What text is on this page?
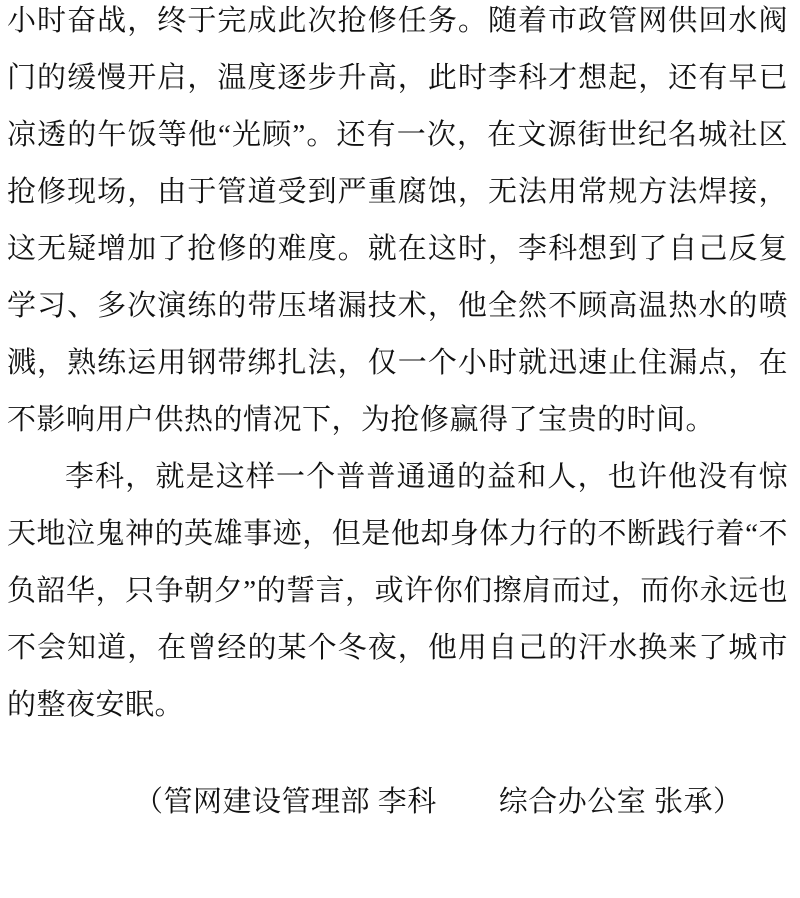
小时奋战，终于完成此次抢修任务。随着市政管网供回水阀门的缓慢开启，温度逐步升高，此时李科才想起，还有早已凉透的午饭等他“光顾”。还有一次，在文源街世纪名城社区抢修现场，由于管道受到严重腐蚀，无法用常规方法焊接，这无疑增加了抢修的难度。就在这时，李科想到了自己反复学习、多次演练的带压堵漏技术，他全然不顾高温热水的喷溅，熟练运用钢带绑扎法，仅一个小时就迅速止住漏点，在不影响用户供热的情况下，为抢修赢得了宝贵的时间。

李科，就是这样一个普普通通的益和人，也许他没有惊天地泣鬼神的英雄事迹，但是他却身体力行的不断践行着“不负韶华，只争朝夕”的誓言，或许你们擦肩而过，而你永远也不会知道，在曾经的某个冬夜，他用自己的汗水换来了城市的整夜安眠。

（管网建设管理部 李科        综合办公室 张承）
